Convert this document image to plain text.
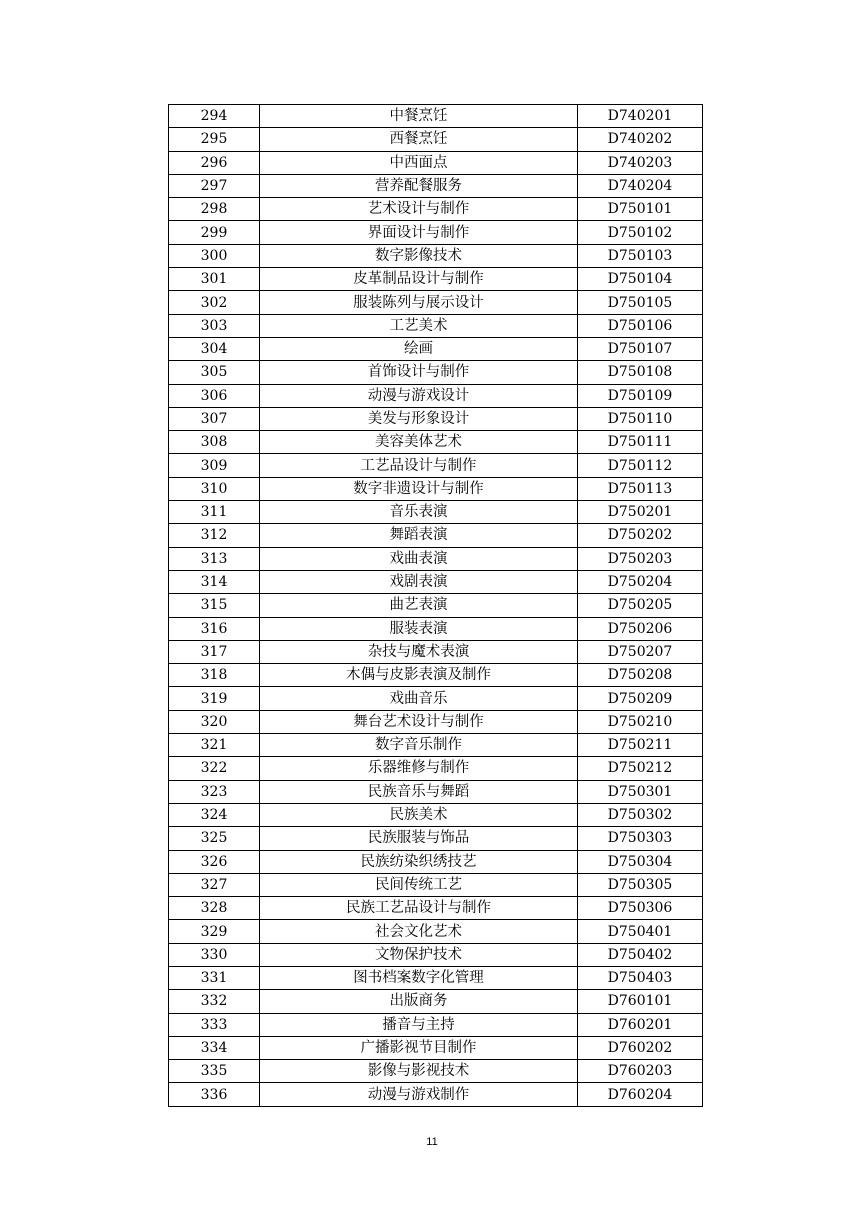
294	中餐烹饪	D740201
295	西餐烹饪	D740202
296	中西面点	D740203
297	营养配餐服务	D740204
298	艺术设计与制作	D750101
299	界面设计与制作	D750102
300	数字影像技术	D750103
301	皮革制品设计与制作	D750104
302	服装陈列与展示设计	D750105
303	工艺美术	D750106
304	绘画	D750107
305	首饰设计与制作	D750108
306	动漫与游戏设计	D750109
307	美发与形象设计	D750110
308	美容美体艺术	D750111
309	工艺品设计与制作	D750112
310	数字非遗设计与制作	D750113
311	音乐表演	D750201
312	舞蹈表演	D750202
313	戏曲表演	D750203
314	戏剧表演	D750204
315	曲艺表演	D750205
316	服装表演	D750206
317	杂技与魔术表演	D750207
318	木偶与皮影表演及制作	D750208
319	戏曲音乐	D750209
320	舞台艺术设计与制作	D750210
321	数字音乐制作	D750211
322	乐器维修与制作	D750212
323	民族音乐与舞蹈	D750301
324	民族美术	D750302
325	民族服装与饰品	D750303
326	民族纺染织绣技艺	D750304
327	民间传统工艺	D750305
328	民族工艺品设计与制作	D750306
329	社会文化艺术	D750401
330	文物保护技术	D750402
331	图书档案数字化管理	D750403
332	出版商务	D760101
333	播音与主持	D760201
334	广播影视节目制作	D760202
335	影像与影视技术	D760203
336	动漫与游戏制作	D760204
11
